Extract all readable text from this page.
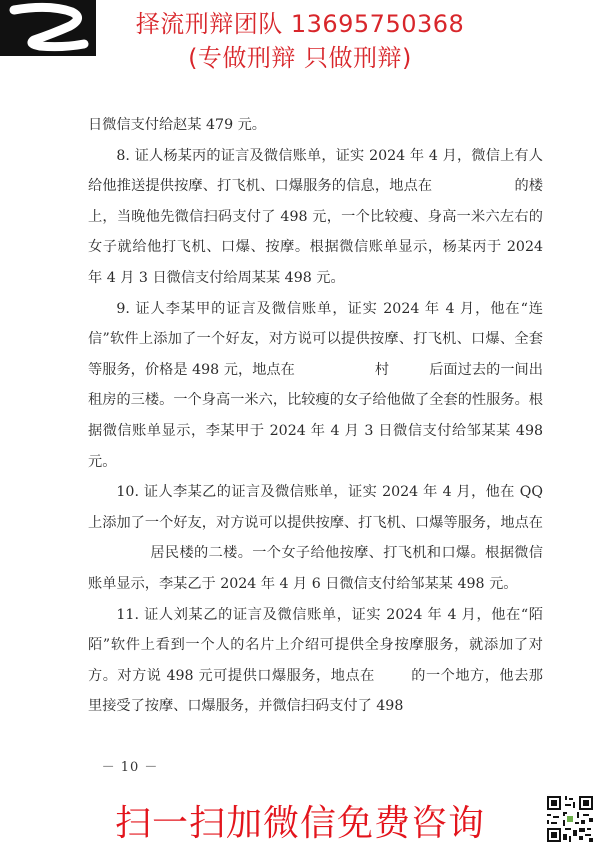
择流刑辩团队 13695750368
(专做刑辩 只做刑辩)

日微信支付给赵某 479 元。

8. 证人杨某丙的证言及微信账单，证实 2024 年 4 月，微信上有人给他推送提供按摩、打飞机、口爆服务的信息，地点在	的楼上，当晚他先微信扫码支付了 498 元，一个比较瘦、身高一米六左右的女子就给他打飞机、口爆、按摩。根据微信账单显示，杨某丙于 2024 年 4 月 3 日微信支付给周某某 498 元。

9. 证人李某甲的证言及微信账单，证实 2024 年 4 月，他在“连信”软件上添加了一个好友，对方说可以提供按摩、打飞机、口爆、全套等服务，价格是 498 元，地点在	村	后面过去的一间出租房的三楼。一个身高一米六，比较瘦的女子给他做了全套的性服务。根据微信账单显示，李某甲于 2024 年 4 月 3 日微信支付给邹某某 498 元。

10. 证人李某乙的证言及微信账单，证实 2024 年 4 月，他在 QQ 上添加了一个好友，对方说可以提供按摩、打飞机、口爆等服务，地点在居民楼的二楼。一个女子给他按摩、打飞机和口爆。根据微信账单显示，李某乙于 2024 年 4 月 6 日微信支付给邹某某 498 元。

11. 证人刘某乙的证言及微信账单，证实 2024 年 4 月，他在“陌陌”软件上看到一个人的名片上介绍可提供全身按摩服务，就添加了对方。对方说 498 元可提供口爆服务，地点在	的一个地方，他去那里接受了按摩、口爆服务，并微信扫码支付了 498

－ 10 －
扫一扫加微信免费咨询
